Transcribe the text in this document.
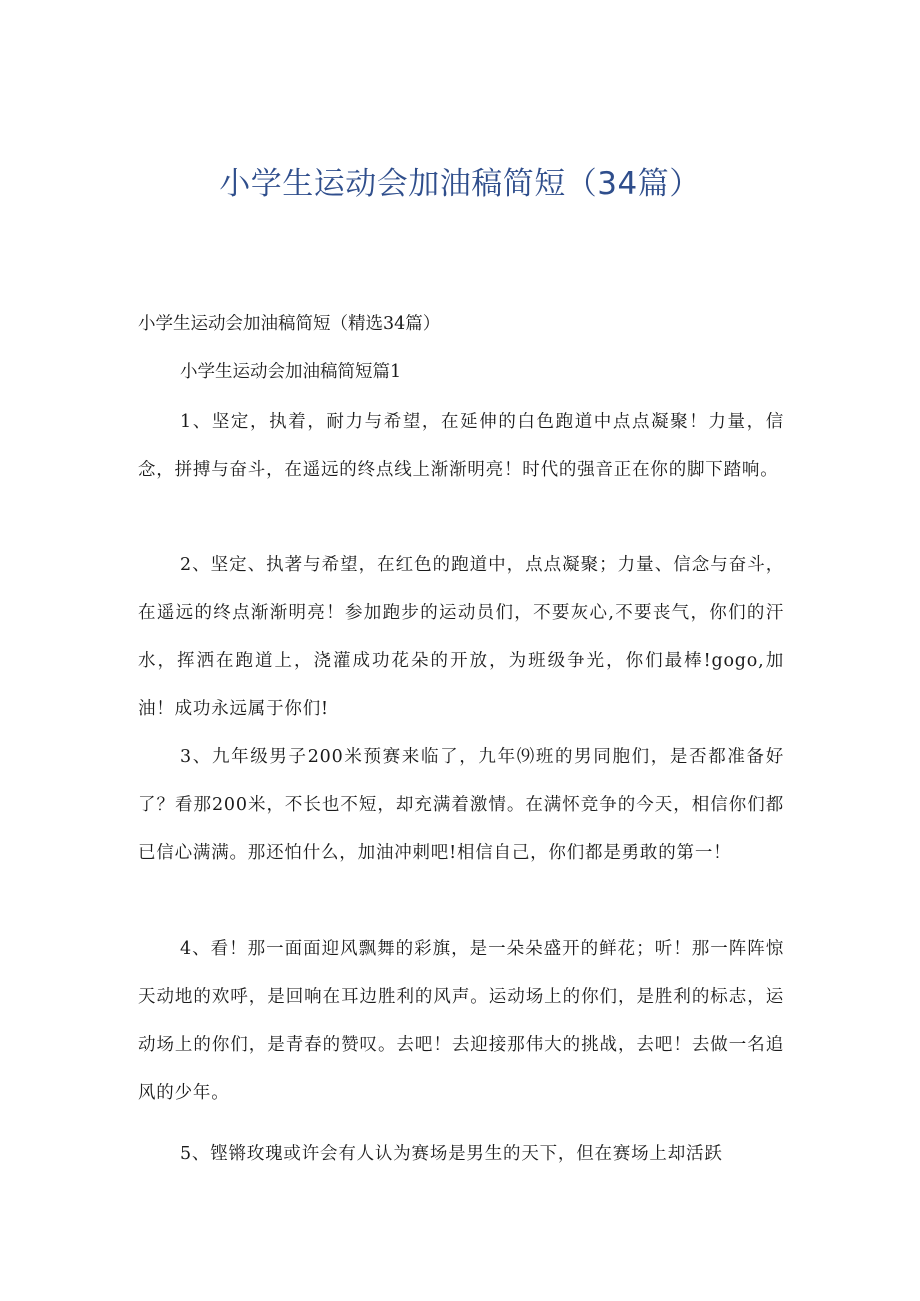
小学生运动会加油稿简短（34篇）
小学生运动会加油稿简短（精选34篇）
小学生运动会加油稿简短篇1

1、坚定，执着，耐力与希望，在延伸的白色跑道中点点凝聚！力量，信念，拼搏与奋斗，在遥远的终点线上渐渐明亮！时代的强音正在你的脚下踏响。

2、坚定、执著与希望，在红色的跑道中，点点凝聚；力量、信念与奋斗，在遥远的终点渐渐明亮！参加跑步的运动员们，不要灰心,不要丧气，你们的汗水，挥洒在跑道上，浇灌成功花朵的开放，为班级争光，你们最棒!gogo,加油！成功永远属于你们!

3、九年级男子200米预赛来临了，九年⑼班的男同胞们，是否都准备好了？看那200米，不长也不短，却充满着激情。在满怀竞争的今天，相信你们都已信心满满。那还怕什么，加油冲刺吧!相信自己，你们都是勇敢的第一！

4、看！那一面面迎风飘舞的彩旗，是一朵朵盛开的鲜花；听！那一阵阵惊天动地的欢呼，是回响在耳边胜利的风声。运动场上的你们，是胜利的标志，运动场上的你们，是青春的赞叹。去吧！去迎接那伟大的挑战，去吧！去做一名追风的少年。

5、铿锵玫瑰或许会有人认为赛场是男生的天下，但在赛场上却活跃
